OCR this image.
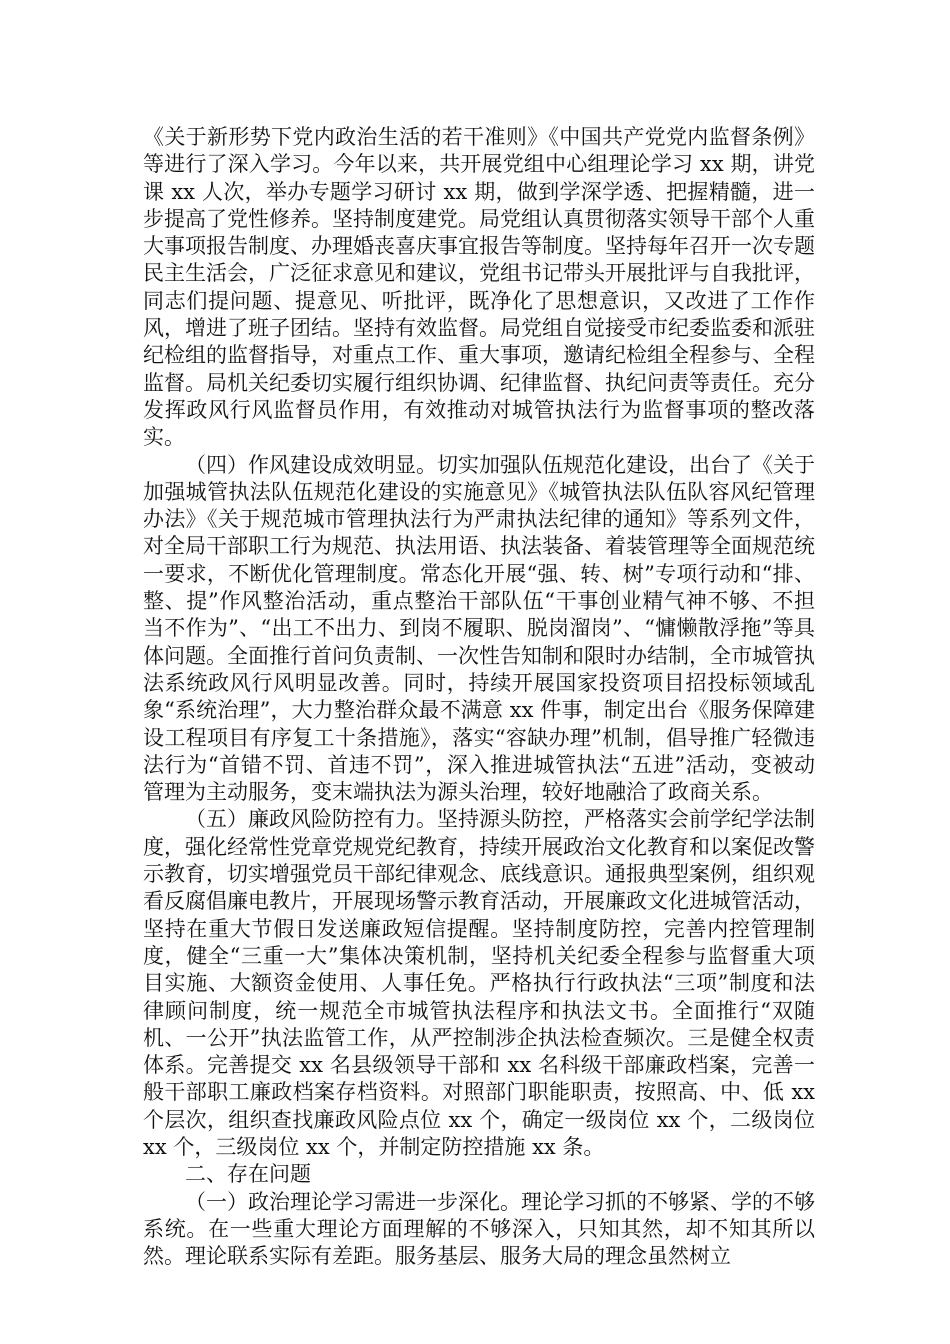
《关于新形势下党内政治生活的若干准则》《中国共产党党内监督条例》等进行了深入学习。今年以来，共开展党组中心组理论学习 xx 期，讲党课 xx 人次，举办专题学习研讨 xx 期，做到学深学透、把握精髓，进一步提高了党性修养。坚持制度建党。局党组认真贯彻落实领导干部个人重大事项报告制度、办理婚丧喜庆事宜报告等制度。坚持每年召开一次专题民主生活会，广泛征求意见和建议，党组书记带头开展批评与自我批评，同志们提问题、提意见、听批评，既净化了思想意识，又改进了工作作风，增进了班子团结。坚持有效监督。局党组自觉接受市纪委监委和派驻纪检组的监督指导，对重点工作、重大事项，邀请纪检组全程参与、全程监督。局机关纪委切实履行组织协调、纪律监督、执纪问责等责任。充分发挥政风行风监督员作用，有效推动对城管执法行为监督事项的整改落实。

（四）作风建设成效明显。切实加强队伍规范化建设，出台了《关于加强城管执法队伍规范化建设的实施意见》《城管执法队伍队容风纪管理办法》《关于规范城市管理执法行为严肃执法纪律的通知》等系列文件，对全局干部职工行为规范、执法用语、执法装备、着装管理等全面规范统一要求，不断优化管理制度。常态化开展“强、转、树”专项行动和“排、整、提”作风整治活动，重点整治干部队伍“干事创业精气神不够、不担当不作为”、“出工不出力、到岗不履职、脱岗溜岗”、“慵懒散浮拖”等具体问题。全面推行首问负责制、一次性告知制和限时办结制，全市城管执法系统政风行风明显改善。同时，持续开展国家投资项目招投标领域乱象“系统治理”，大力整治群众最不满意 xx 件事，制定出台《服务保障建设工程项目有序复工十条措施》，落实“容缺办理”机制，倡导推广轻微违法行为“首错不罚、首违不罚”，深入推进城管执法“五进”活动，变被动管理为主动服务，变末端执法为源头治理，较好地融洽了政商关系。

（五）廉政风险防控有力。坚持源头防控，严格落实会前学纪学法制度，强化经常性党章党规党纪教育，持续开展政治文化教育和以案促改警示教育，切实增强党员干部纪律观念、底线意识。通报典型案例，组织观看反腐倡廉电教片，开展现场警示教育活动，开展廉政文化进城管活动，坚持在重大节假日发送廉政短信提醒。坚持制度防控，完善内控管理制度，健全“三重一大”集体决策机制，坚持机关纪委全程参与监督重大项目实施、大额资金使用、人事任免。严格执行行政执法“三项”制度和法律顾问制度，统一规范全市城管执法程序和执法文书。全面推行“双随机、一公开”执法监管工作，从严控制涉企执法检查频次。三是健全权责体系。完善提交 xx 名县级领导干部和 xx 名科级干部廉政档案，完善一般干部职工廉政档案存档资料。对照部门职能职责，按照高、中、低 xx 个层次，组织查找廉政风险点位 xx 个，确定一级岗位 xx 个，二级岗位 xx 个，三级岗位 xx 个，并制定防控措施 xx 条。

二、存在问题

（一）政治理论学习需进一步深化。理论学习抓的不够紧、学的不够系统。在一些重大理论方面理解的不够深入，只知其然，却不知其所以然。理论联系实际有差距。服务基层、服务大局的理念虽然树立
